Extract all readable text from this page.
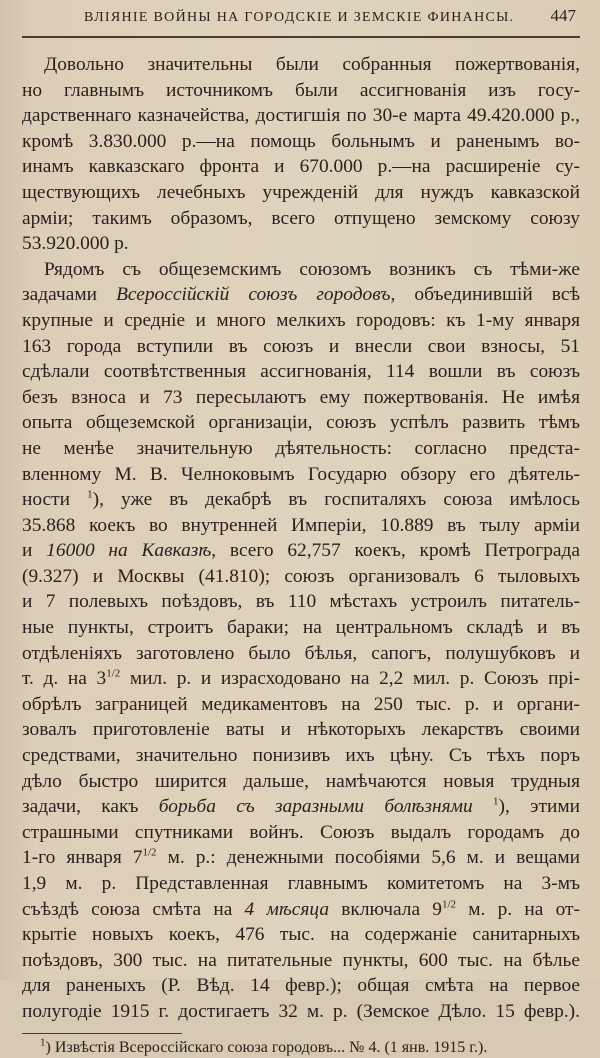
ВЛІЯНІЕ ВОЙНЫ НА ГОРОДСКІЕ И ЗЕМСКІЕ ФИНАНСЫ. 447
Довольно значительны были собранныя пожертвованія,
но главнымъ источникомъ были ассигнованія изъ госу-
дарственнаго казначейства, достигшія по 30-е марта 49.420.000 р.,
кромѣ 3.830.000 р.—на помощь больнымъ и раненымъ во-
инамъ кавказскаго фронта и 670.000 р.—на расширеніе су-
ществующихъ лечебныхъ учрежденій для нуждъ кавказской
арміи; такимъ образомъ, всего отпущено земскому союзу
53.920.000 р.
Рядомъ съ общеземскимъ союзомъ возникъ съ тѣми-же
задачами Всероссійскій союзъ городовъ, объединившій всѣ
крупные и средніе и много мелкихъ городовъ: къ 1-му января
163 города вступили въ союзъ и внесли свои взносы, 51
сдѣлали соотвѣтственныя ассигнованія, 114 вошли въ союзъ
безъ взноса и 73 пересылаютъ ему пожертвованія. Не имѣя
опыта общеземской организаціи, союзъ успѣлъ развить тѣмъ
не менѣе значительную дѣятельность: согласно предста-
вленному М. В. Челноковымъ Государю обзору его дѣятель-
ности $^1$), уже въ декабрѣ въ госпиталяхъ союза имѣлось
35.868 коекъ во внутренней Имперіи, 10.889 въ тылу арміи
и 16000 на Кавказѣ, всего 62,757 коекъ, кромѣ Петрограда
(9.327) и Москвы (41.810); союзъ организовалъ 6 тыловыхъ
и 7 полевыхъ поѣздовъ, въ 110 мѣстахъ устроилъ питатель-
ные пункты, строитъ бараки; на центральномъ складѣ и въ
отдѣленіяхъ заготовлено было бѣлья, сапогъ, полушубковъ и
т. д. на $3^{1/2}$ мил. р. и израсходовано на 2,2 мил. р. Союзъ прі-
обрѣлъ заграницей медикаментовъ на 250 тыс. р. и органи-
зовалъ приготовленіе ваты и нѣкоторыхъ лекарствъ своими
средствами, значительно понизивъ ихъ цѣну. Съ тѣхъ поръ
дѣло быстро ширится дальше, намѣчаются новыя трудныя
задачи, какъ борьба съ заразными болѣзнями $^1$), этими
страшными спутниками войнъ. Союзъ выдалъ городамъ до
1-го января $7^{1/2}$ м. р.: денежными пособіями 5,6 м. и вещами
1,9 м. р. Представленная главнымъ комитетомъ на 3-мъ
съѣздѣ союза смѣта на 4 мѣсяца включала $9^{1/2}$ м. р. на от-
крытіе новыхъ коекъ, 476 тыс. на содержаніе санитарныхъ
поѣздовъ, 300 тыс. на питательные пункты, 600 тыс. на бѣлье
для раненыхъ (Р. Вѣд. 14 февр.); общая смѣта на первое
полугодіе 1915 г. достигаетъ 32 м. р. (Земское Дѣло. 15 февр.).
$^1$) Извѣстія Всероссійскаго союза городовъ... № 4. (1 янв. 1915 г.).
